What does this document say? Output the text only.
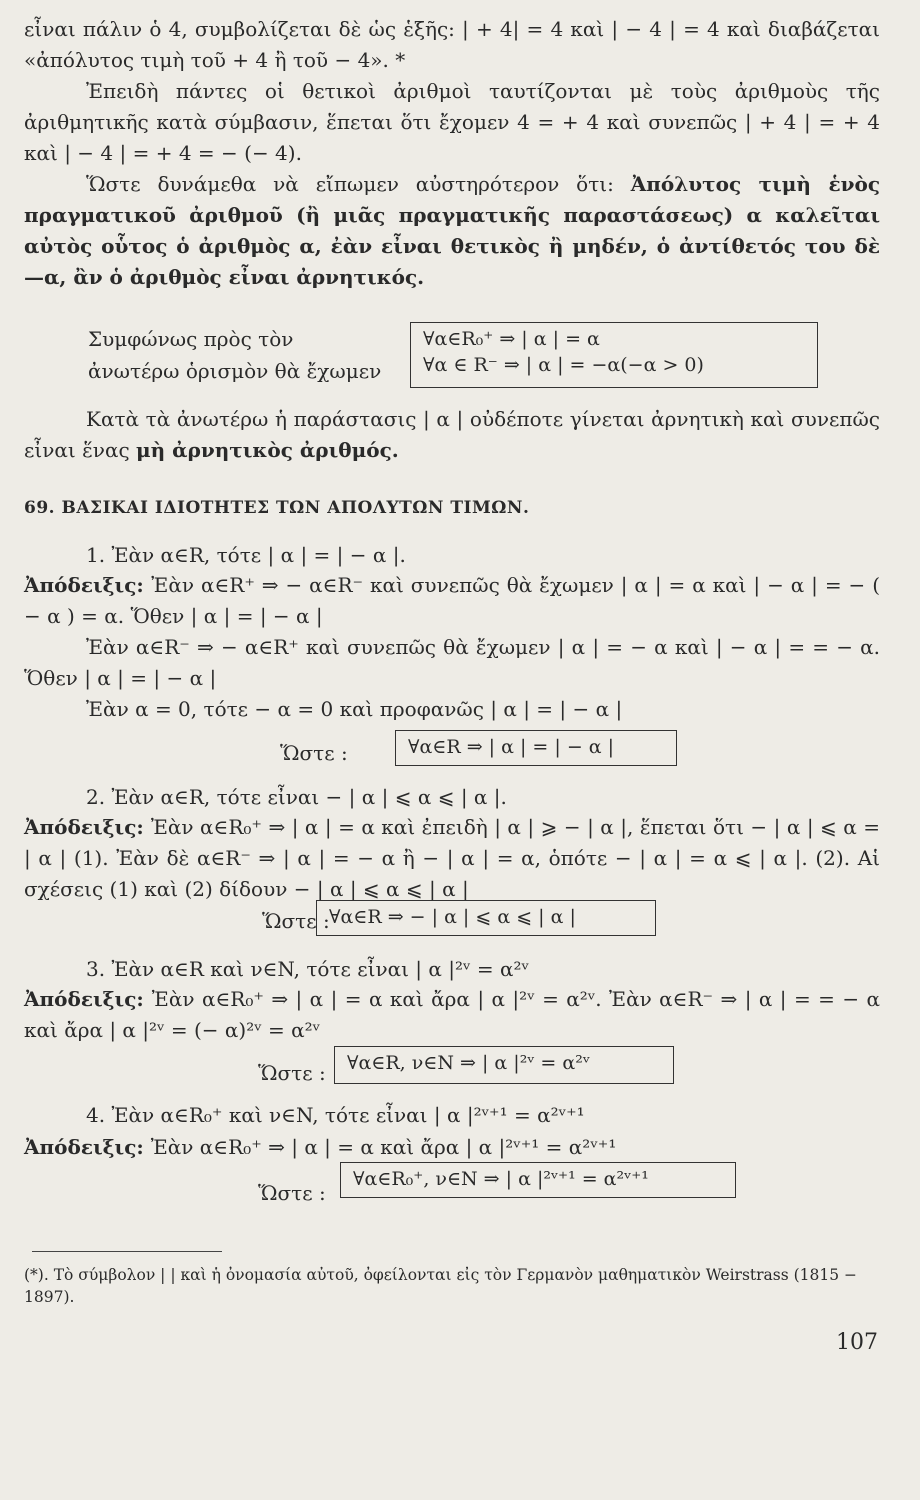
εἶναι πάλιν ὁ 4, συμβολίζεται δὲ ὡς ἑξῆς: | + 4| = 4 καὶ | − 4 | = 4 καὶ διαβάζεται «ἀπόλυτος τιμὴ τοῦ + 4 ἢ τοῦ − 4». *

Ἐπειδὴ πάντες οἱ θετικοὶ ἀριθμοὶ ταυτίζονται μὲ τοὺς ἀριθμοὺς τῆς ἀριθμητικῆς κατὰ σύμβασιν, ἕπεται ὅτι ἔχομεν 4 = + 4 καὶ συνεπῶς | + 4 | = + 4 καὶ | − 4 | = + 4 = − (− 4).

Ὥστε δυνάμεθα νὰ εἴπωμεν αὐστηρότερον ὅτι: Ἀπόλυτος τιμὴ ἑνὸς πραγματικοῦ ἀριθμοῦ (ἢ μιᾶς πραγματικῆς παραστάσεως) α καλεῖται αὐτὸς οὗτος ὁ ἀριθμὸς α, ἐὰν εἶναι θετικὸς ἢ μηδέν, ὁ ἀντίθετός του δὲ —α, ἂν ὁ ἀριθμὸς εἶναι ἀρνητικός.

Συμφώνως πρὸς τὸν
ἀνωτέρω ὁρισμὸν θὰ ἔχωμεν
∀α∈R₀⁺ ⇒ | α | = α
∀α ∈ R⁻ ⇒ | α | = −α(−α > 0)

Κατὰ τὰ ἀνωτέρω ἡ παράστασις | α | οὐδέποτε γίνεται ἀρνητικὴ καὶ συνεπῶς εἶναι ἕνας μὴ ἀρνητικὸς ἀριθμός.

69. ΒΑΣΙΚΑΙ ΙΔΙΟΤΗΤΕΣ ΤΩΝ ΑΠΟΛΥΤΩΝ ΤΙΜΩΝ.

1. Ἐὰν α∈R, τότε | α | = | − α |.

Ἀπόδειξις: Ἐὰν α∈R⁺ ⇒ − α∈R⁻ καὶ συνεπῶς θὰ ἔχωμεν | α | = α καὶ | − α | = − ( − α ) = α. Ὅθεν | α | = | − α |

Ἐὰν α∈R⁻ ⇒ − α∈R⁺ καὶ συνεπῶς θὰ ἔχωμεν | α | = − α καὶ | − α | = = − α. Ὅθεν | α | = | − α |

Ἐὰν α = 0, τότε − α = 0 καὶ προφανῶς | α | = | − α |

Ὥστε :	∀α∈R ⇒ | α | = | − α |

2. Ἐὰν α∈R, τότε εἶναι − | α | ⩽ α ⩽ | α |.

Ἀπόδειξις: Ἐὰν α∈R₀⁺ ⇒ | α | = α καὶ ἐπειδὴ | α | ⩾ − | α |, ἕπεται ὅτι − | α | ⩽ α = | α | (1). Ἐὰν δὲ α∈R⁻ ⇒ | α | = − α ἢ − | α | = α, ὁπότε − | α | = α ⩽ | α |. (2). Αἱ σχέσεις (1) καὶ (2) δίδουν − | α | ⩽ α ⩽ | α |

Ὥστε : ∀α∈R ⇒ − | α | ⩽ α ⩽ | α |

3. Ἐὰν α∈R καὶ ν∈N, τότε εἶναι | α |²ᵛ = α²ᵛ

Ἀπόδειξις: Ἐὰν α∈R₀⁺ ⇒ | α | = α καὶ ἄρα | α |²ᵛ = α²ᵛ. Ἐὰν α∈R⁻ ⇒ | α | = = − α καὶ ἄρα | α |²ᵛ = (− α)²ᵛ = α²ᵛ

Ὥστε :	∀α∈R, ν∈N ⇒ | α |²ᵛ = α²ᵛ

4. Ἐὰν α∈R₀⁺ καὶ ν∈N, τότε εἶναι | α |²ᵛ⁺¹ = α²ᵛ⁺¹

Ἀπόδειξις: Ἐὰν α∈R₀⁺ ⇒ | α | = α καὶ ἄρα | α |²ᵛ⁺¹ = α²ᵛ⁺¹

Ὥστε :
∀α∈R₀⁺, ν∈N ⇒ | α |²ᵛ⁺¹ = α²ᵛ⁺¹

(*). Τὸ σύμβολον | | καὶ ἡ ὀνομασία αὐτοῦ, ὀφείλονται εἰς τὸν Γερμανὸν μαθηματικὸν Weirstrass (1815 − 1897).

107
